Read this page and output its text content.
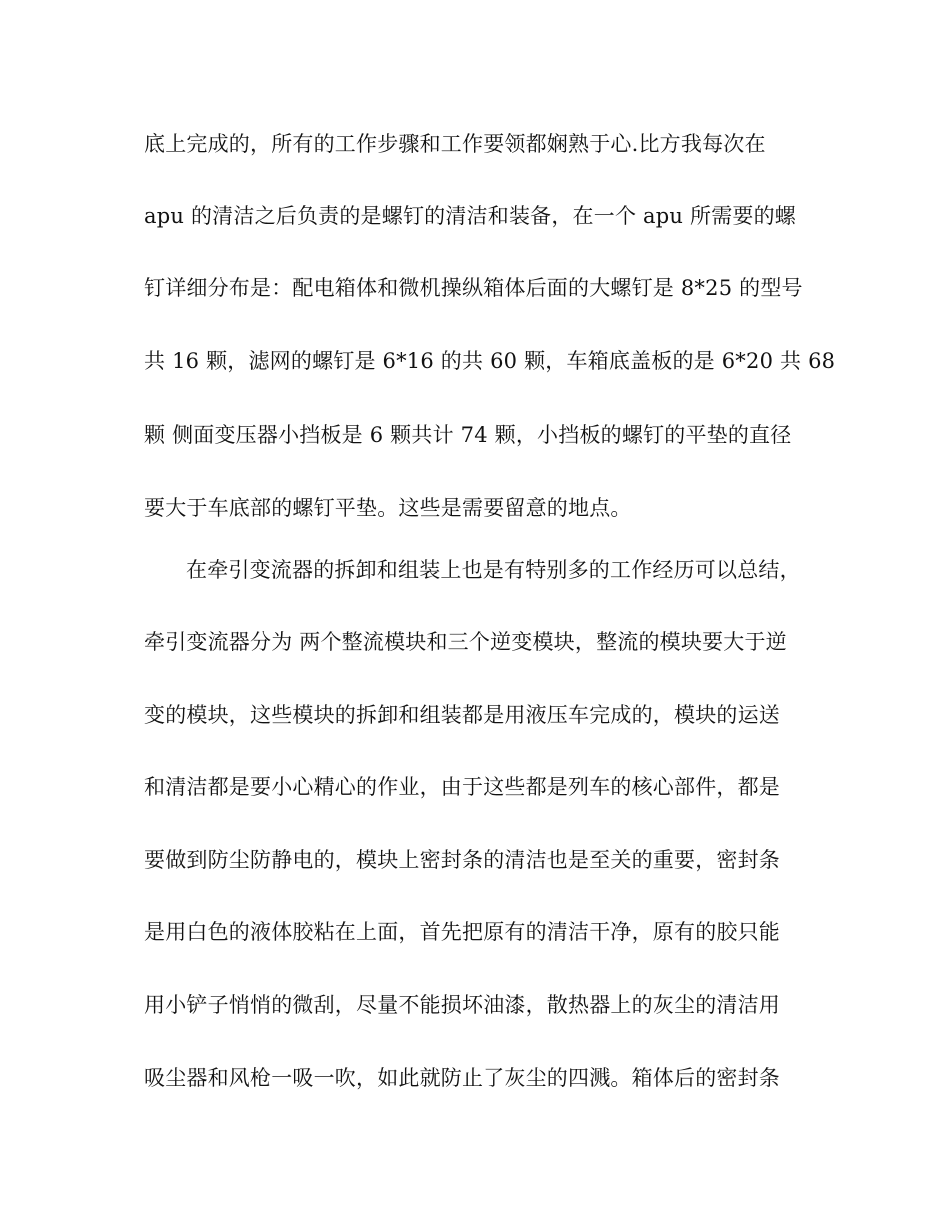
底上完成的，所有的工作步骤和工作要领都娴熟于心.比方我每次在
apu 的清洁之后负责的是螺钉的清洁和装备，在一个 apu 所需要的螺
钉详细分布是：配电箱体和微机操纵箱体后面的大螺钉是 8*25 的型号
共 16 颗，滤网的螺钉是 6*16 的共 60 颗，车箱底盖板的是 6*20 共 68
颗 侧面变压器小挡板是 6 颗共计 74 颗，小挡板的螺钉的平垫的直径
要大于车底部的螺钉平垫。这些是需要留意的地点。
在牵引变流器的拆卸和组装上也是有特别多的工作经历可以总结，
牵引变流器分为 两个整流模块和三个逆变模块，整流的模块要大于逆
变的模块，这些模块的拆卸和组装都是用液压车完成的，模块的运送
和清洁都是要小心精心的作业，由于这些都是列车的核心部件，都是
要做到防尘防静电的，模块上密封条的清洁也是至关的重要，密封条
是用白色的液体胶粘在上面，首先把原有的清洁干净，原有的胶只能
用小铲子悄悄的微刮，尽量不能损坏油漆，散热器上的灰尘的清洁用
吸尘器和风枪一吸一吹，如此就防止了灰尘的四溅。箱体后的密封条
